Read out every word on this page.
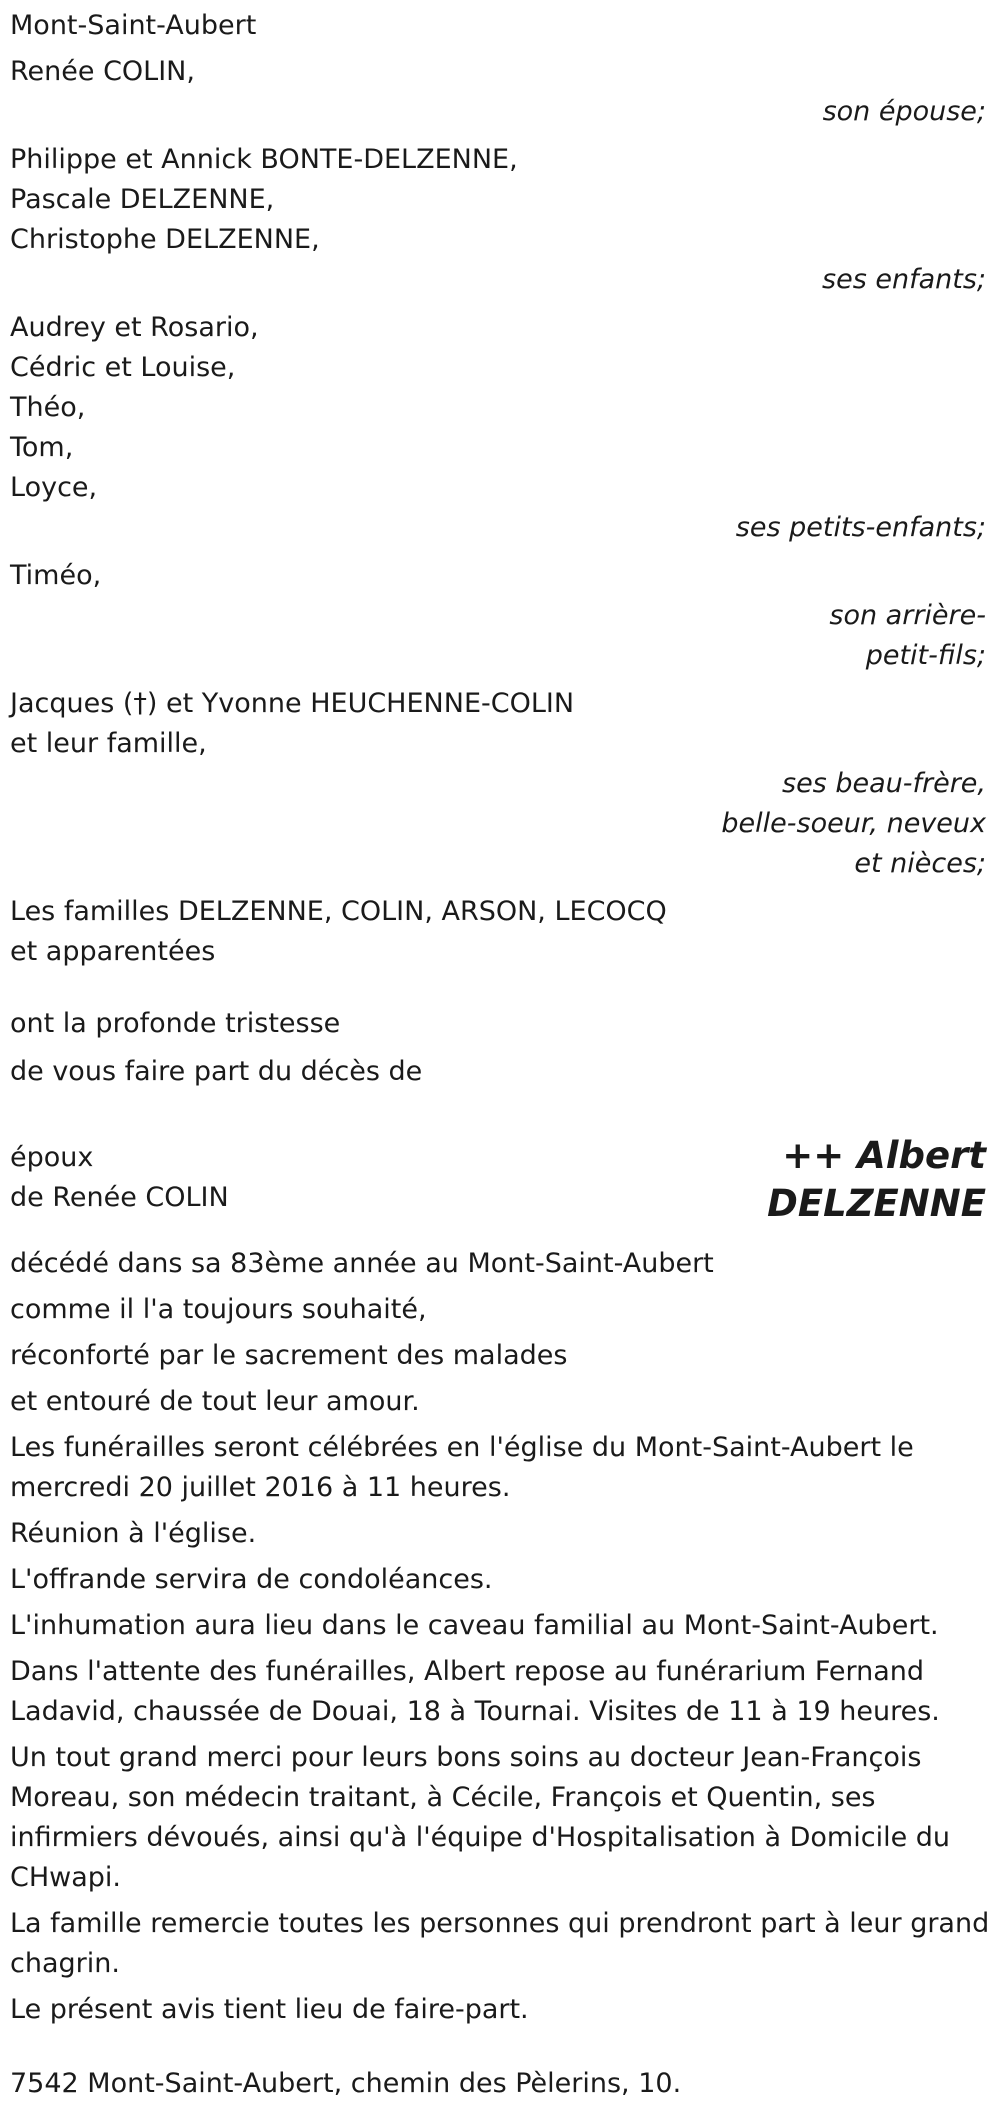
Mont-Saint-Aubert
Renée COLIN,
son épouse;
Philippe et Annick BONTE-DELZENNE,
Pascale DELZENNE,
Christophe DELZENNE,
ses enfants;
Audrey et Rosario,
Cédric et Louise,
Théo,
Tom,
Loyce,
ses petits-enfants;
Timéo,
son arrière-
petit-fils;
Jacques (†) et Yvonne HEUCHENNE-COLIN
et leur famille,
ses beau-frère,
belle-soeur, neveux
et nièces;
Les familles DELZENNE, COLIN, ARSON, LECOCQ
et apparentées
ont la profonde tristesse
de vous faire part du décès de
époux
de Renée COLIN
++ Albert
DELZENNE
décédé dans sa 83ème année au Mont-Saint-Aubert
comme il l'a toujours souhaité,
réconforté par le sacrement des malades
et entouré de tout leur amour.
Les funérailles seront célébrées en l'église du Mont-Saint-Aubert le mercredi 20 juillet 2016 à 11 heures.
Réunion à l'église.
L'offrande servira de condoléances.
L'inhumation aura lieu dans le caveau familial au Mont-Saint-Aubert.
Dans l'attente des funérailles, Albert repose au funérarium Fernand Ladavid, chaussée de Douai, 18 à Tournai. Visites de 11 à 19 heures.
Un tout grand merci pour leurs bons soins au docteur Jean-François Moreau, son médecin traitant, à Cécile, François et Quentin, ses infirmiers dévoués, ainsi qu'à l'équipe d'Hospitalisation à Domicile du CHwapi.
La famille remercie toutes les personnes qui prendront part à leur grand chagrin.
Le présent avis tient lieu de faire-part.
7542 Mont-Saint-Aubert, chemin des Pèlerins, 10.
